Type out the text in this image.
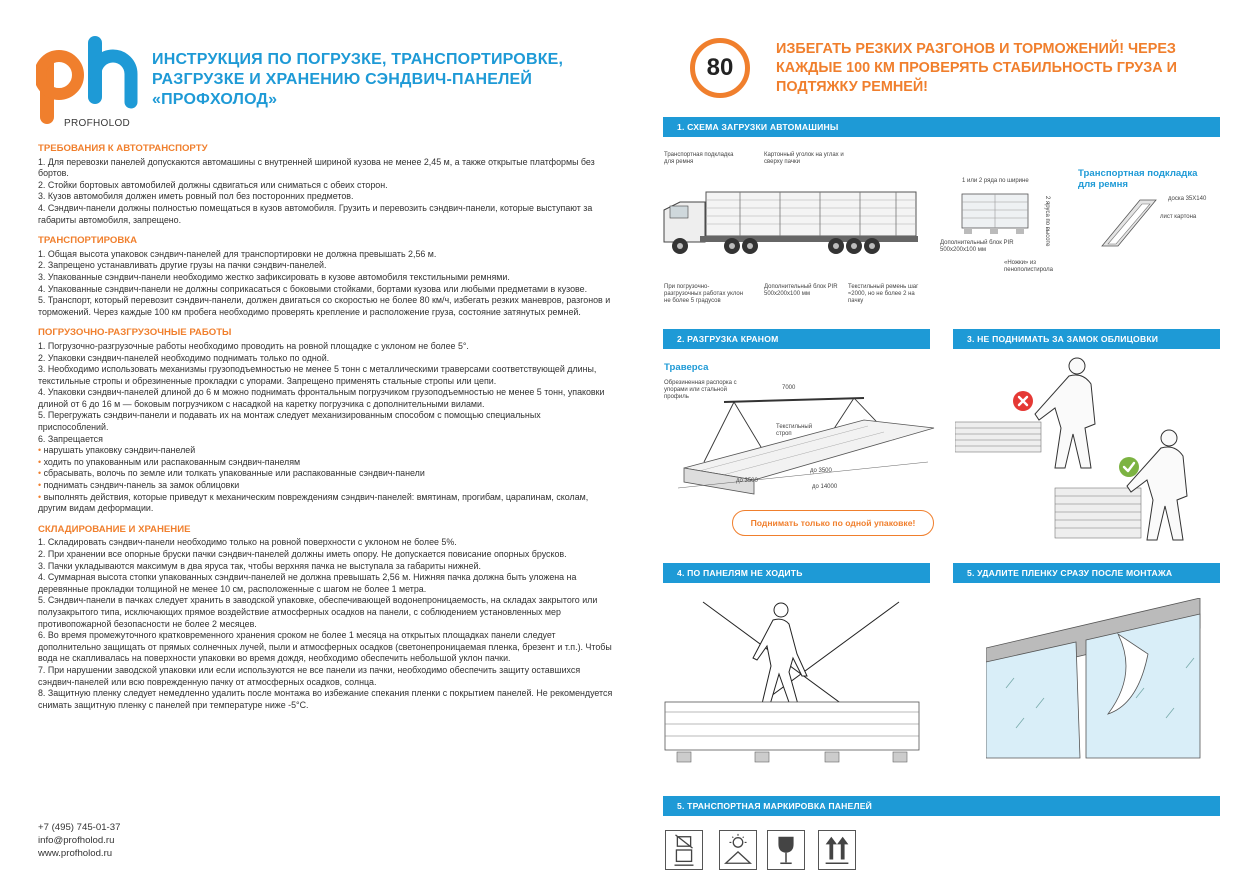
PROFHOLOD
ИНСТРУКЦИЯ ПО ПОГРУЗКЕ, ТРАНСПОРТИРОВКЕ, РАЗГРУЗКЕ И ХРАНЕНИЮ СЭНДВИЧ-ПАНЕЛЕЙ «ПРОФХОЛОД»
ТРЕБОВАНИЯ К АВТОТРАНСПОРТУ
1. Для перевозки панелей допускаются автомашины с внутренней шириной кузова не менее 2,45 м, а также открытые платформы без бортов.
2. Стойки бортовых автомобилей должны сдвигаться или сниматься с обеих сторон.
3. Кузов автомобиля должен иметь ровный пол без посторонних предметов.
4. Сэндвич-панели должны полностью помещаться в кузов автомобиля. Грузить и перевозить сэндвич-панели, которые выступают за габариты автомобиля, запрещено.
ТРАНСПОРТИРОВКА
1. Общая высота упаковок сэндвич-панелей для транспортировки не должна превышать 2,56 м.
2. Запрещено устанавливать другие грузы на пачки сэндвич-панелей.
3. Упакованные сэндвич-панели необходимо жестко зафиксировать в кузове автомобиля текстильными ремнями.
4. Упакованные сэндвич-панели не должны соприкасаться с боковыми стойками, бортами кузова или любыми предметами в кузове.
5. Транспорт, который перевозит сэндвич-панели, должен двигаться со скоростью не более 80 км/ч, избегать резких маневров, разгонов и торможений. Через каждые 100 км пробега необходимо проверять крепление и расположение груза, состояние затянутых ремней.
ПОГРУЗОЧНО-РАЗГРУЗОЧНЫЕ РАБОТЫ
1. Погрузочно-разгрузочные работы необходимо проводить на ровной площадке с уклоном не более 5°.
2. Упаковки сэндвич-панелей необходимо поднимать только по одной.
3. Необходимо использовать механизмы грузоподъемностью не менее 5 тонн с металлическими траверсами соответствующей длины, текстильные стропы и обрезиненные прокладки с упорами. Запрещено применять стальные стропы или цепи.
4. Упаковки сэндвич-панелей длиной до 6 м можно поднимать фронтальным погрузчиком грузоподъемностью не менее 5 тонн, упаковки длиной от 6 до 16 м — боковым погрузчиком с насадкой на каретку погрузчика с дополнительными вилами.
5. Перегружать сэндвич-панели и подавать их на монтаж следует механизированным способом с помощью специальных приспособлений.
6. Запрещается
• нарушать упаковку сэндвич-панелей
• ходить по упакованным или распакованным сэндвич-панелям
• сбрасывать, волочь по земле или толкать упакованные или распакованные сэндвич-панели
• поднимать сэндвич-панель за замок облицовки
• выполнять действия, которые приведут к механическим повреждениям сэндвич-панелей: вмятинам, прогибам, царапинам, сколам, другим видам деформации.
СКЛАДИРОВАНИЕ И ХРАНЕНИЕ
1. Складировать сэндвич-панели необходимо только на ровной поверхности с уклоном не более 5%.
2. При хранении все опорные бруски пачки сэндвич-панелей должны иметь опору. Не допускается повисание опорных брусков.
3. Пачки укладываются максимум в два яруса так, чтобы верхняя пачка не выступала за габариты нижней.
4. Суммарная высота стопки упакованных сэндвич-панелей не должна превышать 2,56 м. Нижняя пачка должна быть уложена на деревянные прокладки толщиной не менее 10 см, расположенные с шагом не более 1 метра.
5. Сэндвич-панели в пачках следует хранить в заводской упаковке, обеспечивающей водонепроницаемость, на складах закрытого или полузакрытого типа, исключающих прямое воздействие атмосферных осадков на панели, с соблюдением установленных мер противопожарной безопасности не более 2 месяцев.
6. Во время промежуточного кратковременного хранения сроком не более 1 месяца на открытых площадках панели следует дополнительно защищать от прямых солнечных лучей, пыли и атмосферных осадков (светонепроницаемая пленка, брезент и т.п.). Чтобы вода не скапливалась на поверхности упаковки во время дождя, необходимо обеспечить небольшой уклон пачки.
7. При нарушении заводской упаковки или если используются не все панели из пачки, необходимо обеспечить защиту оставшихся сэндвич-панелей или всю поврежденную пачку от атмосферных осадков, солнца.
8. Защитную пленку следует немедленно удалить после монтажа во избежание спекания пленки с покрытием панелей. Не рекомендуется снимать защитную пленку с панелей при температуре ниже -5°C.
+7 (495) 745-01-37
info@profholod.ru
www.profholod.ru
80
ИЗБЕГАТЬ РЕЗКИХ РАЗГОНОВ И ТОРМОЖЕНИЙ! ЧЕРЕЗ КАЖДЫЕ 100 КМ ПРОВЕРЯТЬ СТАБИЛЬНОСТЬ ГРУЗА И ПОДТЯЖКУ РЕМНЕЙ!
1. СХЕМА ЗАГРУЗКИ АВТОМАШИНЫ
Транспортная подкладка для ремня
Картонный уголок на углах и сверху пачки
При погрузочно-разгрузочных работах уклон не более 5 градусов
Дополнительный блок PIR 500х200х100 мм
Текстильный ремень шаг ≈2000, но не более 2 на пачку
1 или 2 ряда по ширине
2 яруса по высоте
Дополнительный блок PIR 500х200х100 мм
«Ножки» из пенополистирола
Транспортная подкладка для ремня
доска 35Х140
лист картона
2. РАЗГРУЗКА КРАНОМ	3. НЕ ПОДНИМАТЬ ЗА ЗАМОК ОБЛИЦОВКИ
Траверса
Обрезиненная распорка с упорами или стальной профиль
7000
Текстильный строп
до 3500
до 3500
до 14000
Поднимать только по одной упаковке!
4. ПО ПАНЕЛЯМ НЕ ХОДИТЬ	5. УДАЛИТЕ ПЛЕНКУ СРАЗУ ПОСЛЕ МОНТАЖА
5. ТРАНСПОРТНАЯ МАРКИРОВКА ПАНЕЛЕЙ
